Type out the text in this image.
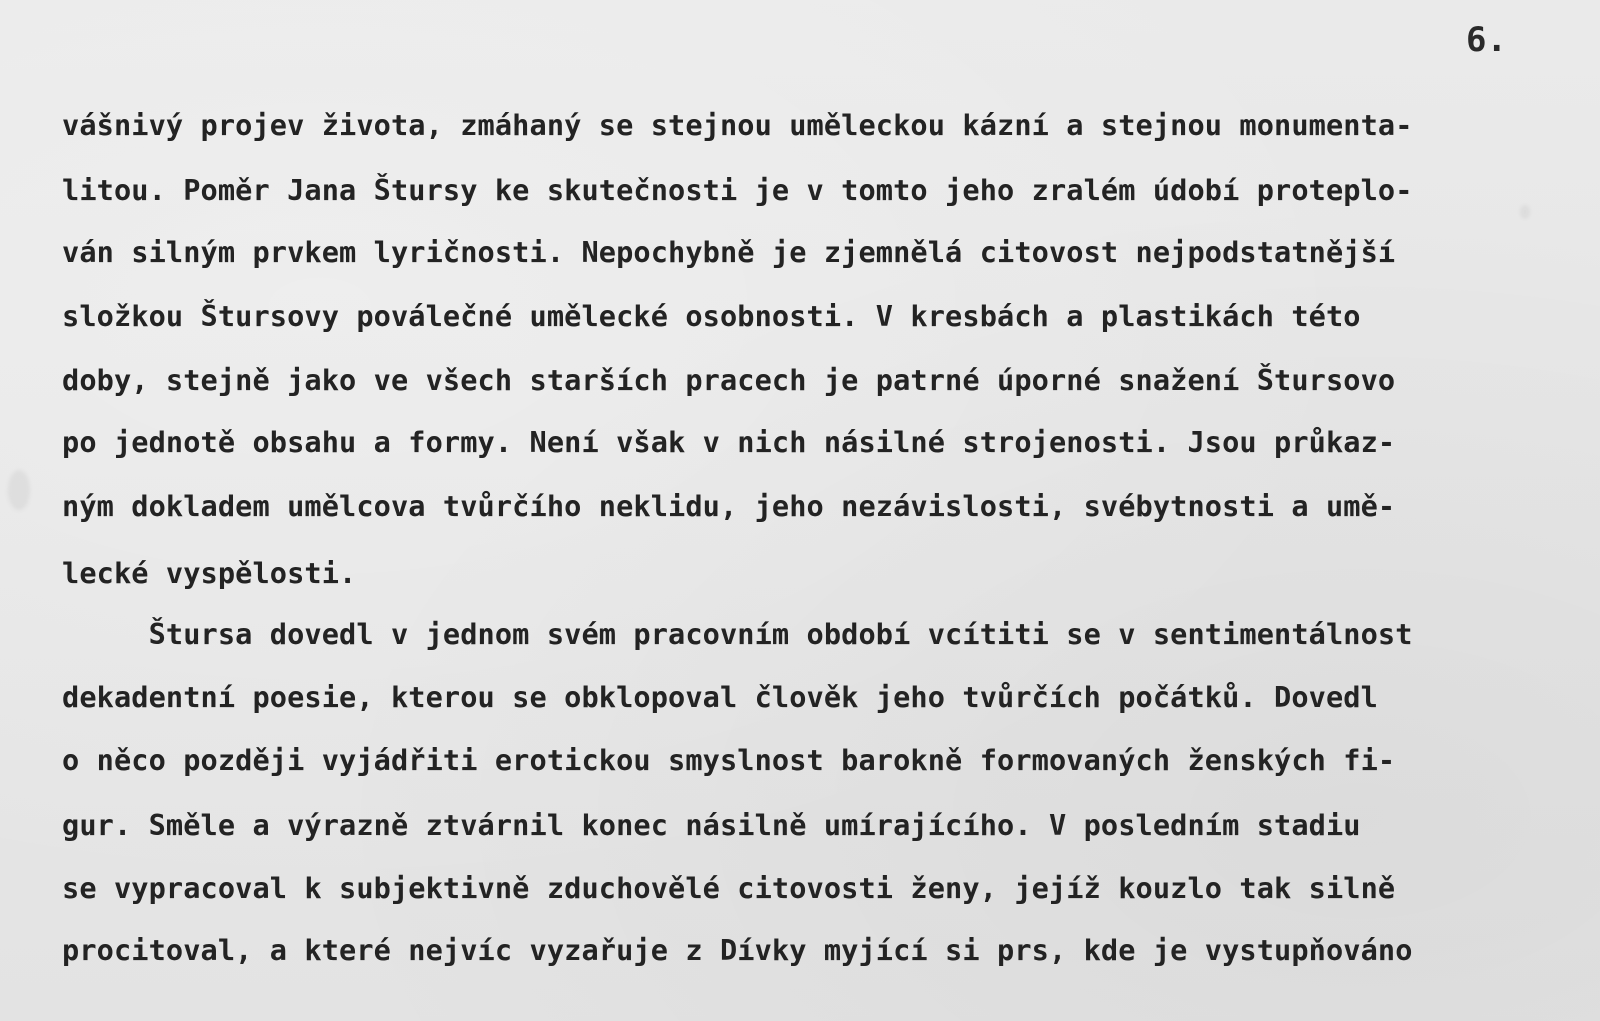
6.
vášnivý projev života, zmáhaný se stejnou uměleckou kázní a stejnou monumenta-
litou. Poměr Jana Štursy ke skutečnosti je v tomto jeho zralém údobí proteplo-
ván silným prvkem lyričnosti. Nepochybně je zjemnělá citovost nejpodstatnější
složkou Štursovy poválečné umělecké osobnosti. V kresbách a plastikách této
doby, stejně jako ve všech starších pracech je patrné úporné snažení Štursovo
po jednotě obsahu a formy. Není však v nich násilné strojenosti. Jsou průkaz-
ným dokladem umělcova tvůrčího neklidu, jeho nezávislosti, svébytnosti a umě-
lecké vyspělosti.
Štursa dovedl v jednom svém pracovním období vcítiti se v sentimentálnost
dekadentní poesie, kterou se obklopoval člověk jeho tvůrčích počátků. Dovedl
o něco později vyjádřiti erotickou smyslnost barokně formovaných ženských fi-
gur. Směle a výrazně ztvárnil konec násilně umírajícího. V posledním stadiu
se vypracoval k subjektivně zduchovělé citovosti ženy, jejíž kouzlo tak silně
procitoval, a které nejvíc vyzařuje z Dívky myjící si prs, kde je vystupňováno
